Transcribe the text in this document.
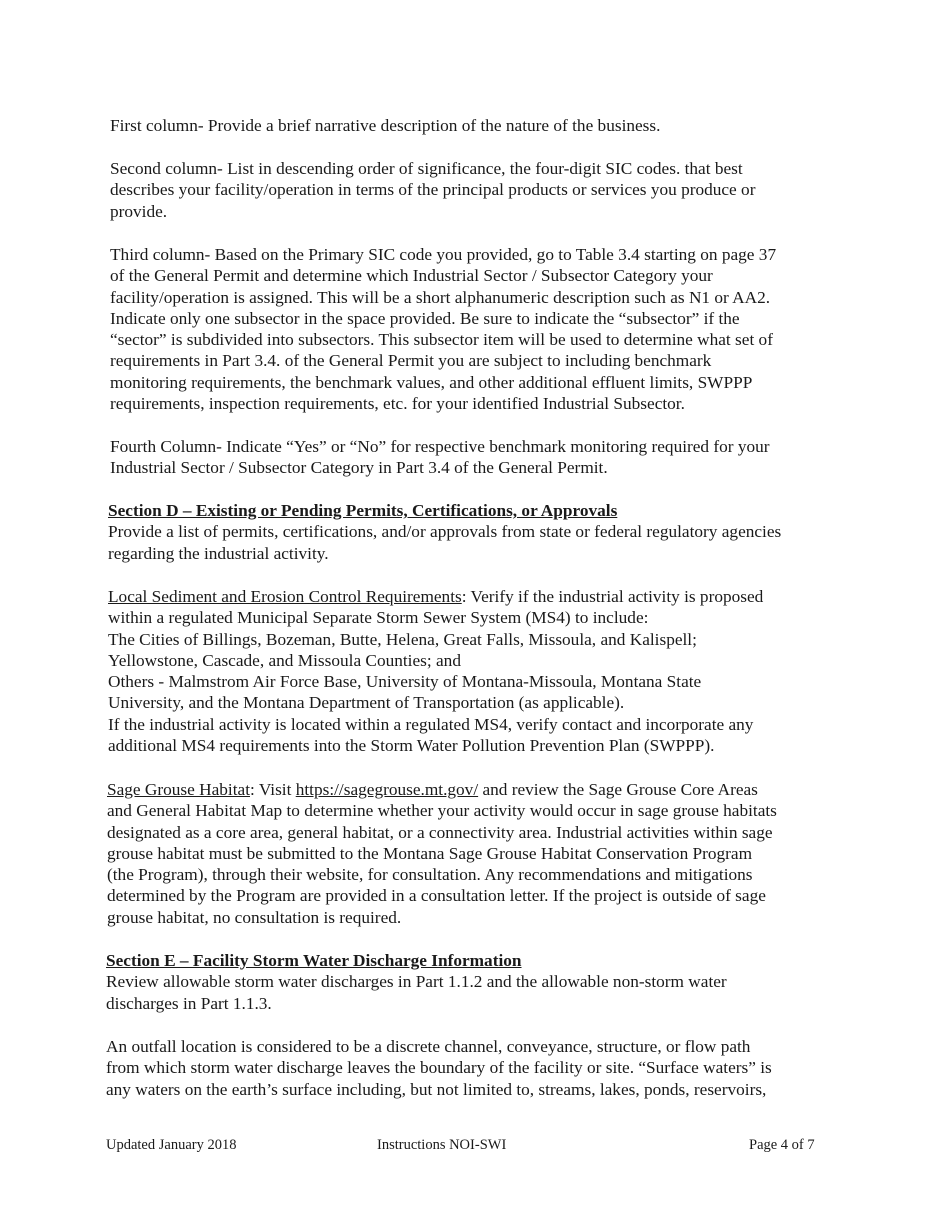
First column- Provide a brief narrative description of the nature of the business.

Second column- List in descending order of significance, the four-digit SIC codes. that best
describes your facility/operation in terms of the principal products or services you produce or
provide.

Third column- Based on the Primary SIC code you provided, go to Table 3.4 starting on page 37
of the General Permit and determine which Industrial Sector / Subsector Category your
facility/operation is assigned. This will be a short alphanumeric description such as N1 or AA2.
Indicate only one subsector in the space provided. Be sure to indicate the “subsector” if the
“sector” is subdivided into subsectors. This subsector item will be used to determine what set of
requirements in Part 3.4. of the General Permit you are subject to including benchmark
monitoring requirements, the benchmark values, and other additional effluent limits, SWPPP
requirements, inspection requirements, etc. for your identified Industrial Subsector.

Fourth Column- Indicate “Yes” or “No” for respective benchmark monitoring required for your
Industrial Sector / Subsector Category in Part 3.4 of the General Permit.

Section D – Existing or Pending Permits, Certifications, or Approvals
Provide a list of permits, certifications, and/or approvals from state or federal regulatory agencies
regarding the industrial activity.

Local Sediment and Erosion Control Requirements: Verify if the industrial activity is proposed
within a regulated Municipal Separate Storm Sewer System (MS4) to include:
The Cities of Billings, Bozeman, Butte, Helena, Great Falls, Missoula, and Kalispell;
Yellowstone, Cascade, and Missoula Counties; and
Others - Malmstrom Air Force Base, University of Montana-Missoula, Montana State
University, and the Montana Department of Transportation (as applicable).
If the industrial activity is located within a regulated MS4, verify contact and incorporate any
additional MS4 requirements into the Storm Water Pollution Prevention Plan (SWPPP).

Sage Grouse Habitat: Visit https://sagegrouse.mt.gov/ and review the Sage Grouse Core Areas
and General Habitat Map to determine whether your activity would occur in sage grouse habitats
designated as a core area, general habitat, or a connectivity area. Industrial activities within sage
grouse habitat must be submitted to the Montana Sage Grouse Habitat Conservation Program
(the Program), through their website, for consultation. Any recommendations and mitigations
determined by the Program are provided in a consultation letter. If the project is outside of sage
grouse habitat, no consultation is required.

Section E – Facility Storm Water Discharge Information
Review allowable storm water discharges in Part 1.1.2 and the allowable non-storm water
discharges in Part 1.1.3.

An outfall location is considered to be a discrete channel, conveyance, structure, or flow path
from which storm water discharge leaves the boundary of the facility or site. “Surface waters” is
any waters on the earth’s surface including, but not limited to, streams, lakes, ponds, reservoirs,

Updated January 2018	Instructions NOI-SWI	Page 4 of 7
